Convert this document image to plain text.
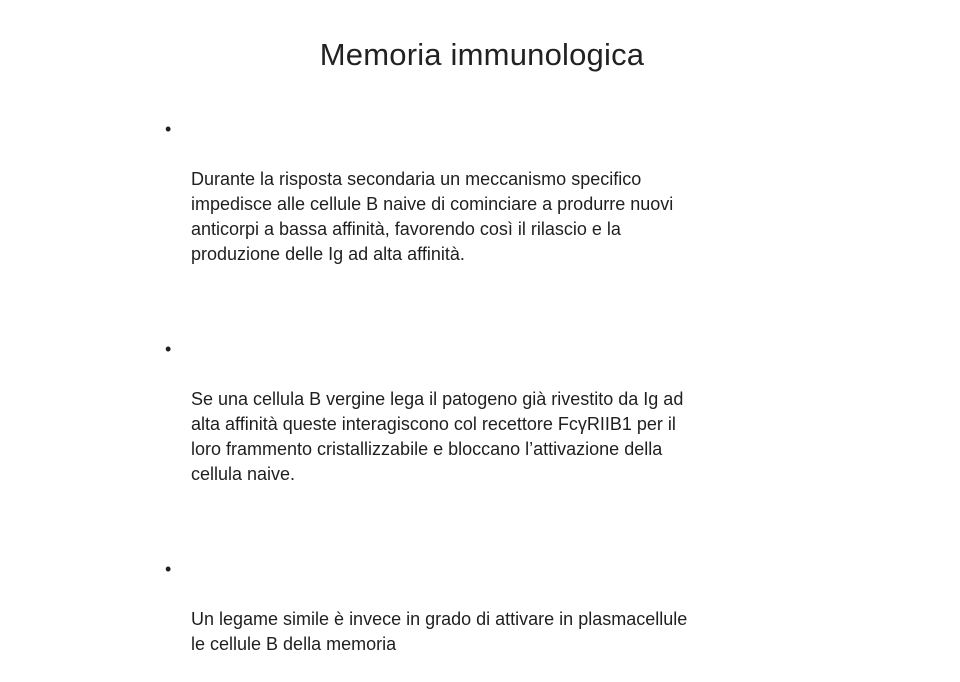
Memoria immunologica

•

Durante la risposta secondaria un meccanismo specifico
impedisce alle cellule B naive di cominciare a produrre nuovi
anticorpi a bassa affinità, favorendo così il rilascio e la
produzione delle Ig ad alta affinità.

•

Se una cellula B vergine lega il patogeno già rivestito da Ig ad
alta affinità queste interagiscono col recettore FcγRIIB1 per il
loro frammento cristallizzabile e bloccano l’attivazione della
cellula naive.

•

Un legame simile è invece in grado di attivare in plasmacellule
le cellule B della memoria
